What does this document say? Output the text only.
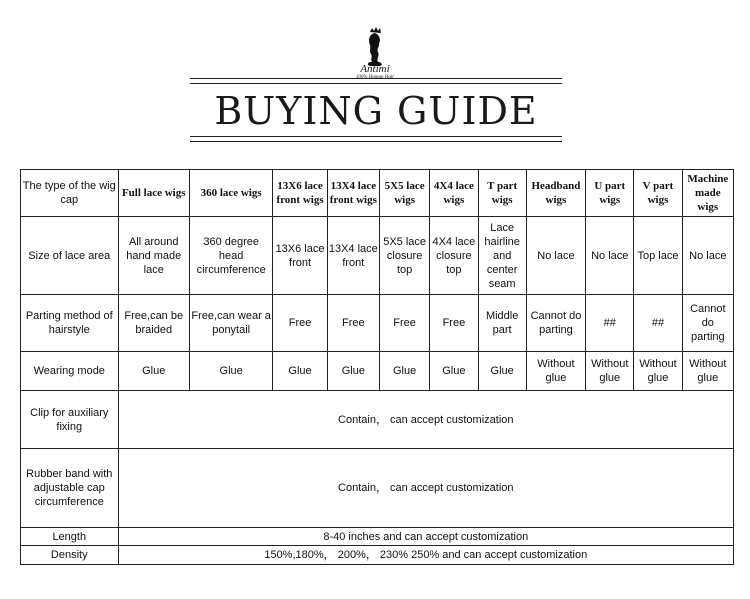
Antimi
100% Human Hair
BUYING GUIDE
The type of the wig cap	Full lace wigs	360 lace wigs	13X6 lace front wigs	13X4 lace front wigs	5X5 lace wigs	4X4 lace wigs	T part wigs	Headband wigs	U part wigs	V part wigs	Machine made wigs
Size of lace area	All around hand made lace	360 degree head circumference	13X6 lace front	13X4 lace front	5X5 lace closure top	4X4 lace closure top	Lace hairline and center seam	No lace	No lace	Top lace	No lace
Parting method of hairstyle	Free,can be braided	Free,can wear a ponytail	Free	Free	Free	Free	Middle part	Cannot do parting	##	##	Cannot do parting
Wearing mode	Glue	Glue	Glue	Glue	Glue	Glue	Glue	Without glue	Without glue	Without glue	Without glue
Clip for auxiliary fixing	Contain， can accept customization										
Rubber band with adjustable cap circumference	Contain， can accept customization										
Length	8-40 inches and can accept customization										
Density	150%,180%， 200%， 230% 250% and can accept customization										
